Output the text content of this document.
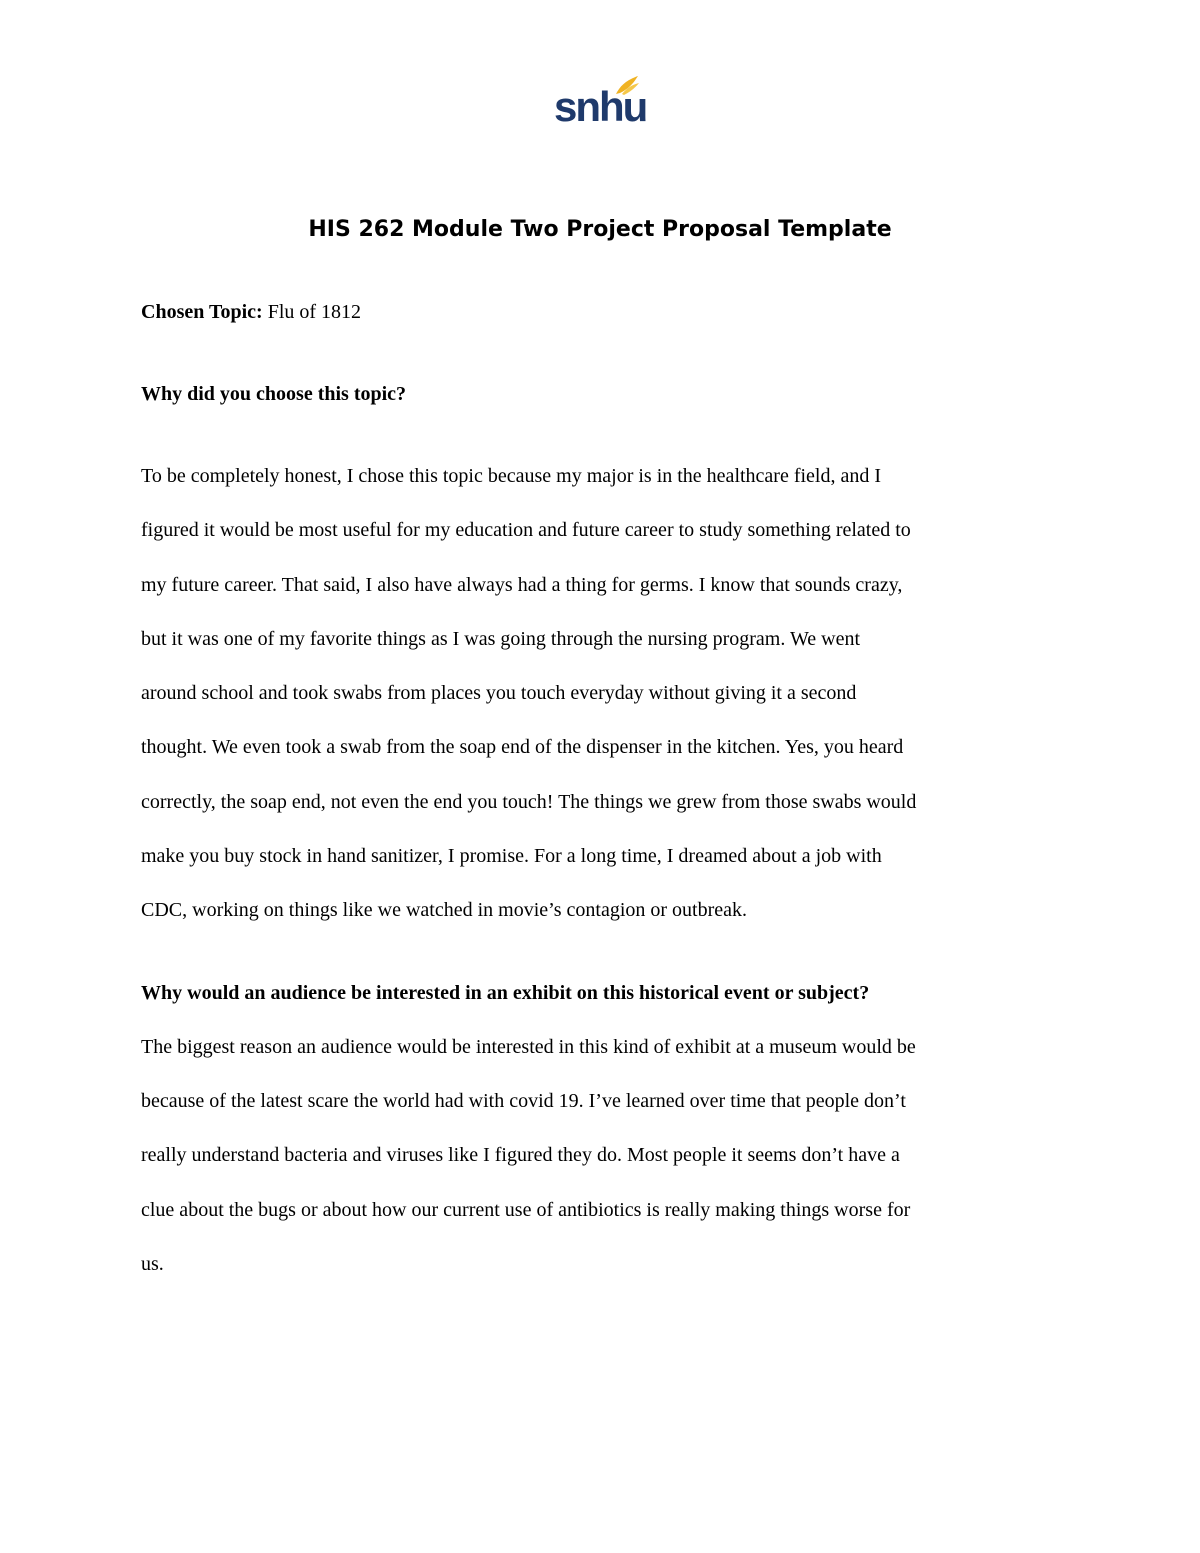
snhu
HIS 262 Module Two Project Proposal Template
Chosen Topic: Flu of 1812
Why did you choose this topic?
To be completely honest, I chose this topic because my major is in the healthcare field, and I
figured it would be most useful for my education and future career to study something related to
my future career. That said, I also have always had a thing for germs. I know that sounds crazy,
but it was one of my favorite things as I was going through the nursing program. We went
around school and took swabs from places you touch everyday without giving it a second
thought. We even took a swab from the soap end of the dispenser in the kitchen. Yes, you heard
correctly, the soap end, not even the end you touch! The things we grew from those swabs would
make you buy stock in hand sanitizer, I promise. For a long time, I dreamed about a job with
CDC, working on things like we watched in movie’s contagion or outbreak.
Why would an audience be interested in an exhibit on this historical event or subject?
The biggest reason an audience would be interested in this kind of exhibit at a museum would be
because of the latest scare the world had with covid 19. I’ve learned over time that people don’t
really understand bacteria and viruses like I figured they do. Most people it seems don’t have a
clue about the bugs or about how our current use of antibiotics is really making things worse for
us.
